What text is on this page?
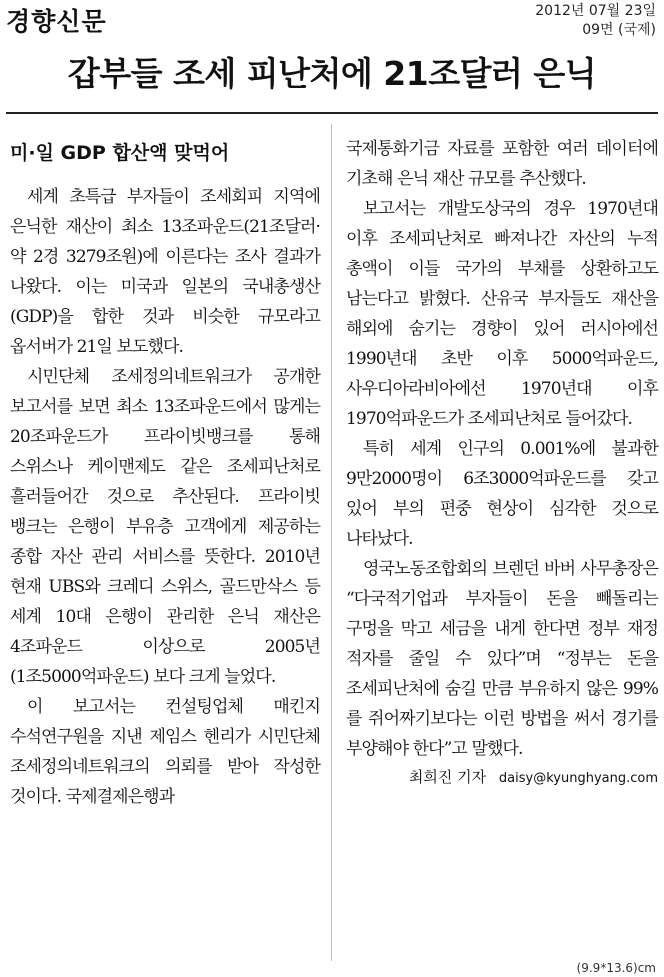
경향신문	2012년 07월 23일
09면 (국제)
갑부들 조세 피난처에 21조달러 은닉
미·일 GDP 합산액 맞먹어

세계 초특급 부자들이 조세회피 지역에 은닉한 재산이 최소 13조파운드(21조달러·약 2경 3279조원)에 이른다는 조사 결과가 나왔다. 이는 미국과 일본의 국내총생산(GDP)을 합한 것과 비슷한 규모라고 옵서버가 21일 보도했다.

시민단체 조세정의네트워크가 공개한 보고서를 보면 최소 13조파운드에서 많게는 20조파운드가 프라이빗뱅크를 통해 스위스나 케이맨제도 같은 조세피난처로 흘러들어간 것으로 추산된다. 프라이빗 뱅크는 은행이 부유층 고객에게 제공하는 종합 자산 관리 서비스를 뜻한다. 2010년 현재 UBS와 크레디 스위스, 골드만삭스 등 세계 10대 은행이 관리한 은닉 재산은 4조파운드 이상으로 2005년(1조5000억파운드) 보다 크게 늘었다.

이 보고서는 컨설팅업체 매킨지 수석연구원을 지낸 제임스 헨리가 시민단체 조세정의네트워크의 의뢰를 받아 작성한 것이다. 국제결제은행과

국제통화기금 자료를 포함한 여러 데이터에 기초해 은닉 재산 규모를 추산했다.

보고서는 개발도상국의 경우 1970년대 이후 조세피난처로 빠져나간 자산의 누적 총액이 이들 국가의 부채를 상환하고도 남는다고 밝혔다. 산유국 부자들도 재산을 해외에 숨기는 경향이 있어 러시아에선 1990년대 초반 이후 5000억파운드, 사우디아라비아에선 1970년대 이후 1970억파운드가 조세피난처로 들어갔다.

특히 세계 인구의 0.001%에 불과한 9만2000명이 6조3000억파운드를 갖고 있어 부의 편중 현상이 심각한 것으로 나타났다.

영국노동조합회의 브렌던 바버 사무총장은 “다국적기업과 부자들이 돈을 빼돌리는 구멍을 막고 세금을 내게 한다면 정부 재정 적자를 줄일 수 있다”며 “정부는 돈을 조세피난처에 숨길 만큼 부유하지 않은 99%를 쥐어짜기보다는 이런 방법을 써서 경기를 부양해야 한다”고 말했다.

최희진 기자 daisy@kyunghyang.com
(9.9*13.6)cm
